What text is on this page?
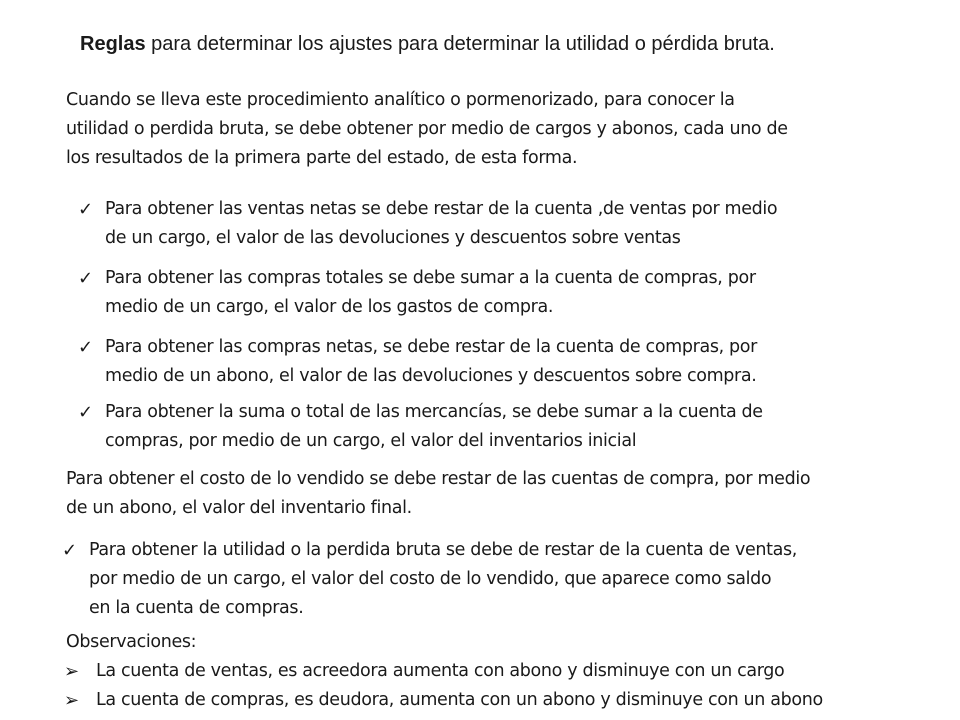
Reglas para determinar los ajustes para determinar la utilidad o pérdida bruta.
Cuando se lleva este procedimiento analítico o pormenorizado, para conocer la
utilidad o perdida bruta, se debe obtener por medio de cargos y abonos, cada uno de
los resultados de la primera parte del estado, de esta forma.
✓ Para obtener las ventas netas se debe restar de la cuenta ,de ventas por medio
de un cargo, el valor de las devoluciones y descuentos sobre ventas
✓ Para obtener las compras totales se debe sumar a la cuenta de compras, por
medio de un cargo, el valor de los gastos de compra.
✓ Para obtener las compras netas, se debe restar de la cuenta de compras, por
medio de un abono, el valor de las devoluciones y descuentos sobre compra.
✓ Para obtener la suma o total de las mercancías, se debe sumar a la cuenta de
compras, por medio de un cargo, el valor del inventarios inicial
Para obtener el costo de lo vendido se debe restar de las cuentas de compra, por medio
de un abono, el valor del inventario final.
✓ Para obtener la utilidad o la perdida bruta se debe de restar de la cuenta de ventas,
por medio de un cargo, el valor del costo de lo vendido, que aparece como saldo
en la cuenta de compras.
Observaciones:
➢ La cuenta de ventas, es acreedora aumenta con abono y disminuye con un cargo
➢ La cuenta de compras, es deudora, aumenta con un abono y disminuye con un abono
